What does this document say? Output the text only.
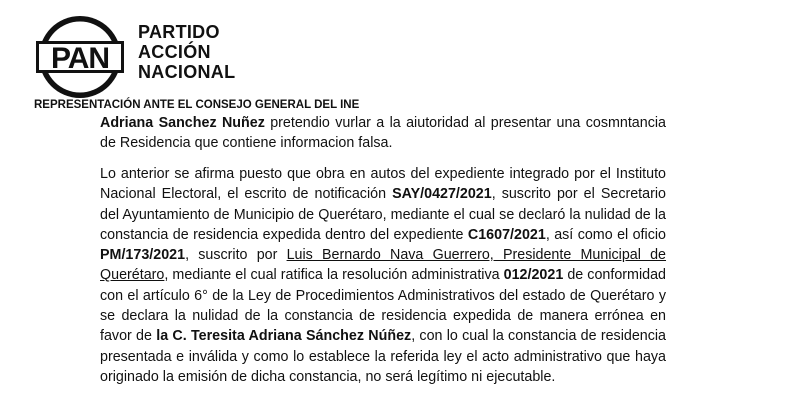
PAN
PARTIDO
ACCIÓN
NACIONAL
REPRESENTACIÓN ANTE EL CONSEJO GENERAL DEL INE
Adriana Sanchez Nuñez pretendio vurlar a la aiutoridad al presentar una cosmntancia de Residencia que contiene informacion falsa.
Lo anterior se afirma puesto que obra en autos del expediente integrado por el Instituto Nacional Electoral, el escrito de notificación SAY/0427/2021, suscrito por el Secretario del Ayuntamiento de Municipio de Querétaro, mediante el cual se declaró la nulidad de la constancia de residencia expedida dentro del expediente C1607/2021, así como el oficio PM/173/2021, suscrito por Luis Bernardo Nava Guerrero, Presidente Municipal de Querétaro, mediante el cual ratifica la resolución administrativa 012/2021 de conformidad con el artículo 6° de la Ley de Procedimientos Administrativos del estado de Querétaro y se declara la nulidad de la constancia de residencia expedida de manera errónea en favor de la C. Teresita Adriana Sánchez Núñez, con lo cual la constancia de residencia presentada e inválida y como lo establece la referida ley el acto administrativo que haya originado la emisión de dicha constancia, no será legítimo ni ejecutable.
